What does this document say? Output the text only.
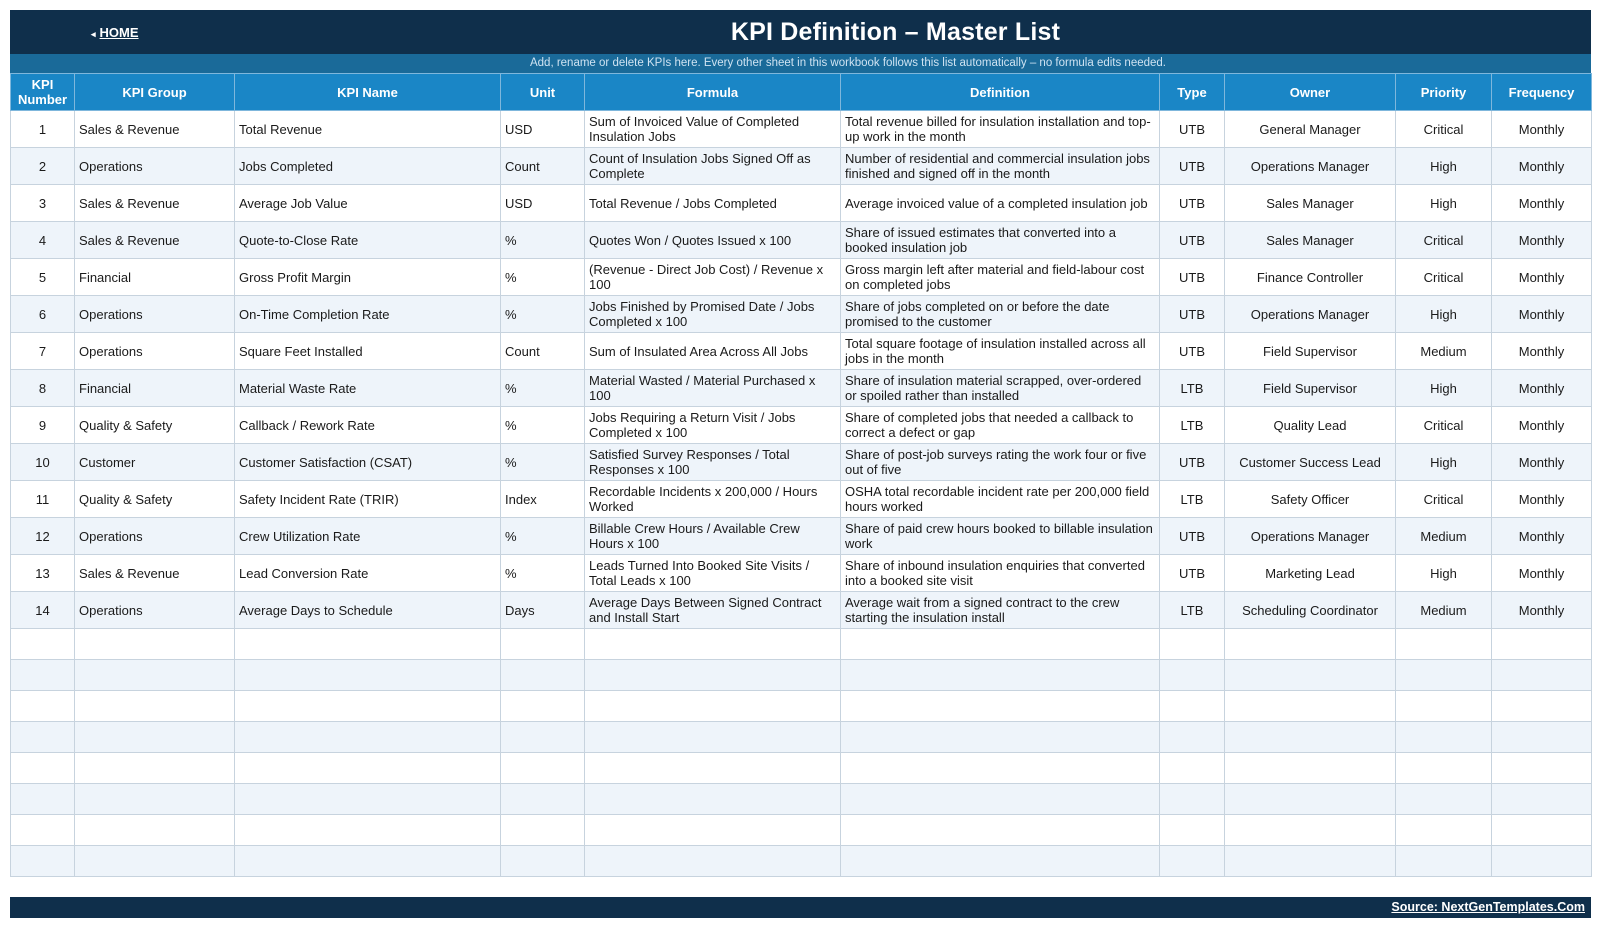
◂ HOME	KPI Definition – Master List
Add, rename or delete KPIs here. Every other sheet in this workbook follows this list automatically – no formula edits needed.
KPI Number	KPI Group	KPI Name	Unit	Formula	Definition	Type	Owner	Priority	Frequency
1	Sales & Revenue	Total Revenue	USD	Sum of Invoiced Value of Completed Insulation Jobs	Total revenue billed for insulation installation and top-up work in the month	UTB	General Manager	Critical	Monthly
2	Operations	Jobs Completed	Count	Count of Insulation Jobs Signed Off as Complete	Number of residential and commercial insulation jobs finished and signed off in the month	UTB	Operations Manager	High	Monthly
3	Sales & Revenue	Average Job Value	USD	Total Revenue / Jobs Completed	Average invoiced value of a completed insulation job	UTB	Sales Manager	High	Monthly
4	Sales & Revenue	Quote-to-Close Rate	%	Quotes Won / Quotes Issued x 100	Share of issued estimates that converted into a booked insulation job	UTB	Sales Manager	Critical	Monthly
5	Financial	Gross Profit Margin	%	(Revenue - Direct Job Cost) / Revenue x 100	Gross margin left after material and field-labour cost on completed jobs	UTB	Finance Controller	Critical	Monthly
6	Operations	On-Time Completion Rate	%	Jobs Finished by Promised Date / Jobs Completed x 100	Share of jobs completed on or before the date promised to the customer	UTB	Operations Manager	High	Monthly
7	Operations	Square Feet Installed	Count	Sum of Insulated Area Across All Jobs	Total square footage of insulation installed across all jobs in the month	UTB	Field Supervisor	Medium	Monthly
8	Financial	Material Waste Rate	%	Material Wasted / Material Purchased x 100	Share of insulation material scrapped, over-ordered or spoiled rather than installed	LTB	Field Supervisor	High	Monthly
9	Quality & Safety	Callback / Rework Rate	%	Jobs Requiring a Return Visit / Jobs Completed x 100	Share of completed jobs that needed a callback to correct a defect or gap	LTB	Quality Lead	Critical	Monthly
10	Customer	Customer Satisfaction (CSAT)	%	Satisfied Survey Responses / Total Responses x 100	Share of post-job surveys rating the work four or five out of five	UTB	Customer Success Lead	High	Monthly
11	Quality & Safety	Safety Incident Rate (TRIR)	Index	Recordable Incidents x 200,000 / Hours Worked	OSHA total recordable incident rate per 200,000 field hours worked	LTB	Safety Officer	Critical	Monthly
12	Operations	Crew Utilization Rate	%	Billable Crew Hours / Available Crew Hours x 100	Share of paid crew hours booked to billable insulation work	UTB	Operations Manager	Medium	Monthly
13	Sales & Revenue	Lead Conversion Rate	%	Leads Turned Into Booked Site Visits / Total Leads x 100	Share of inbound insulation enquiries that converted into a booked site visit	UTB	Marketing Lead	High	Monthly
14	Operations	Average Days to Schedule	Days	Average Days Between Signed Contract and Install Start	Average wait from a signed contract to the crew starting the insulation install	LTB	Scheduling Coordinator	Medium	Monthly

Source: NextGenTemplates.Com
